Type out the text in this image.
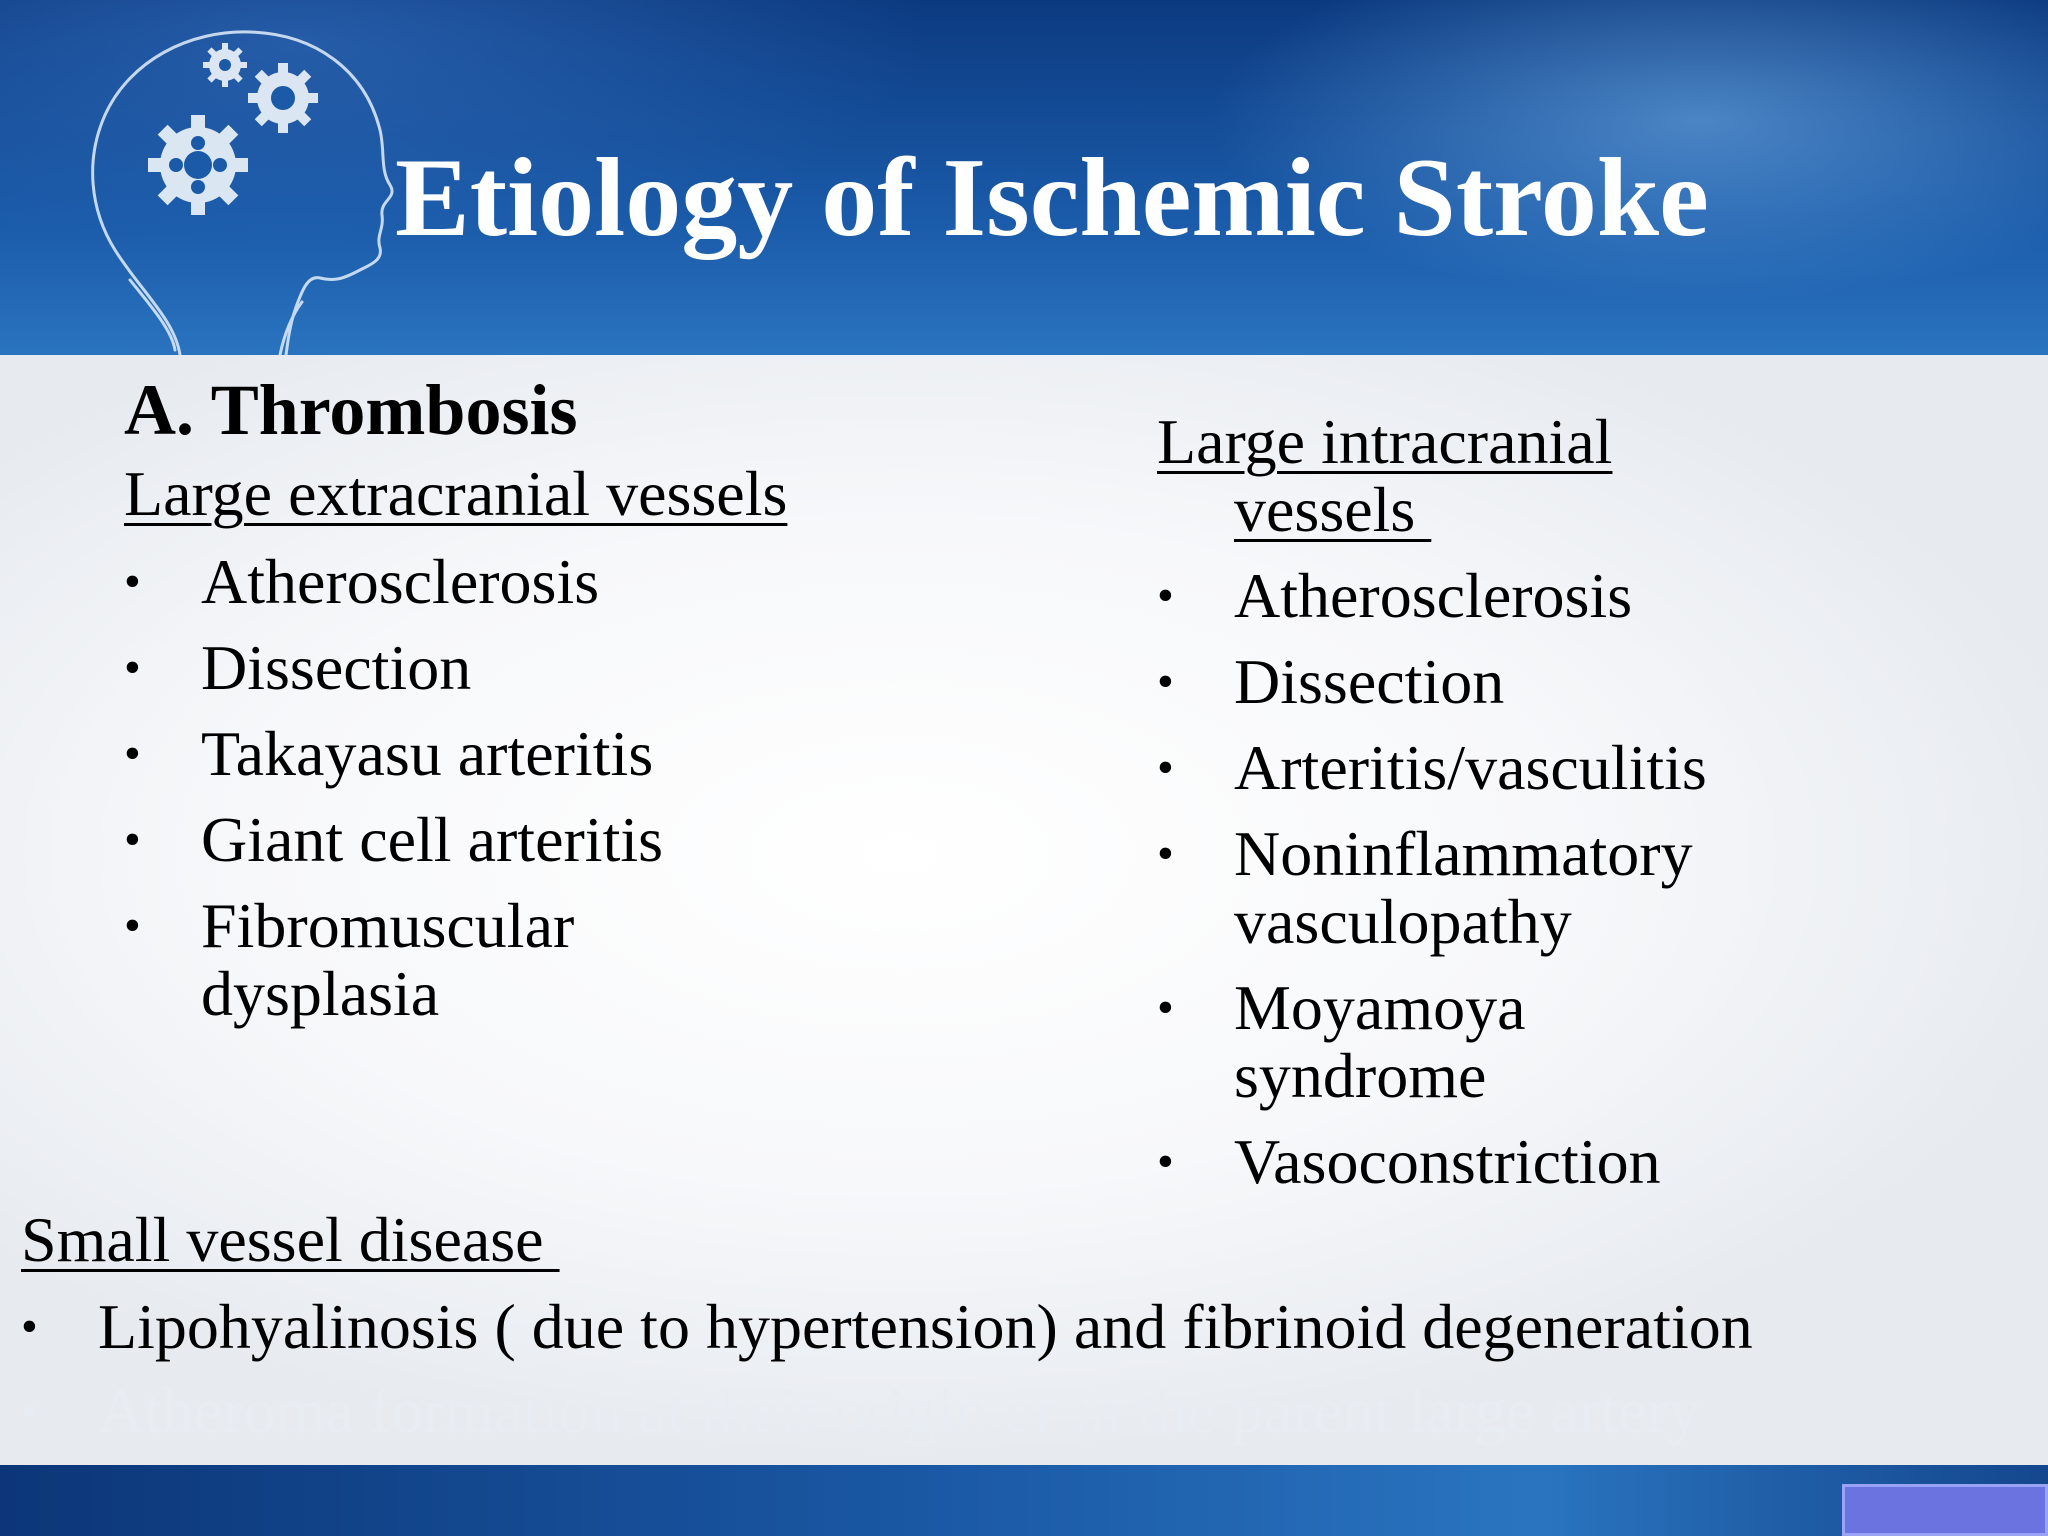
Etiology of Ischemic Stroke
A. Thrombosis
Large extracranial vessels
• Atherosclerosis
• Dissection
• Takayasu arteritis
• Giant cell arteritis
• Fibromuscular
dysplasia
Large intracranial
vessels
• Atherosclerosis
• Dissection
• Arteritis/vasculitis
• Noninflammatory
vasculopathy
• Moyamoya
syndrome
• Vasoconstriction
Small vessel disease
• Lipohyalinosis ( due to hypertension) and fibrinoid degeneration
• Atheroma formation at their origin or in the parent large artery
